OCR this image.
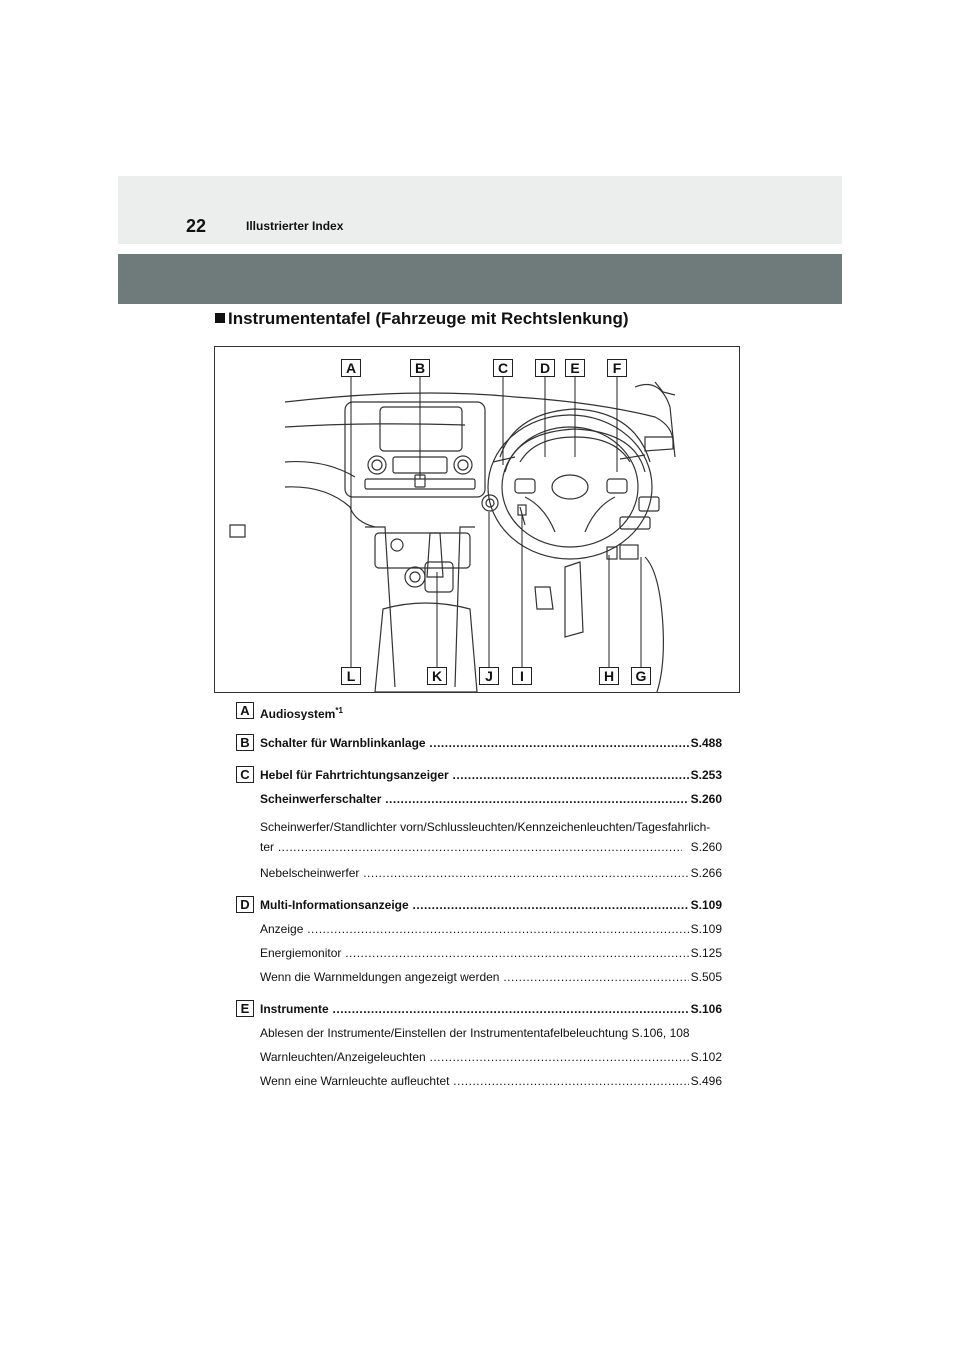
22	Illustrierter Index
Instrumententafel (Fahrzeuge mit Rechtslenkung)
A	B	C	D	E	F
L	K	J	I	H	G
A Audiosystem$^{*1}$
B Schalter für Warnblinkanlage .....	S.488
C Hebel für Fahrtrichtungsanzeiger .....	S.253
Scheinwerferschalter .....	S.260
Scheinwerfer/Standlichter vorn/Schlussleuchten/Kennzeichenleuchten/Tagesfahrlich-
ter .....	S.260
Nebelscheinwerfer .....	S.266
D Multi-Informationsanzeige .....	S.109
Anzeige .....	S.109
Energiemonitor .....	S.125
Wenn die Warnmeldungen angezeigt werden .....	S.505
E Instrumente .....	S.106
Ablesen der Instrumente/Einstellen der Instrumententafelbeleuchtung S.106, 108
Warnleuchten/Anzeigeleuchten .....	S.102
Wenn eine Warnleuchte aufleuchtet .....	S.496
